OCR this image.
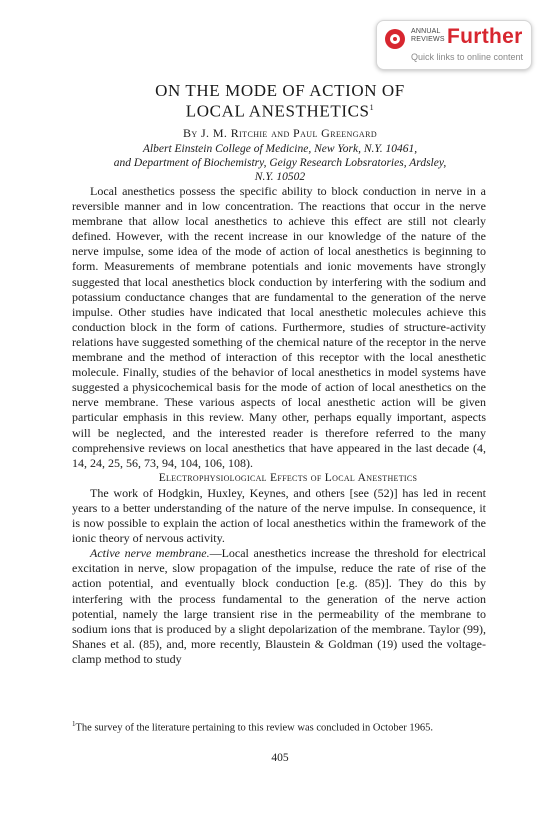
ANNUAL
REVIEWS Further
Quick links to online content
ON THE MODE OF ACTION OF
LOCAL ANESTHETICS$^1$
By J. M. Ritchie and Paul Greengard
Albert Einstein College of Medicine, New York, N.Y. 10461,
and Department of Biochemistry, Geigy Research Lobsratories, Ardsley,
N.Y. 10502

Local anesthetics possess the specific ability to block conduction in nerve in a reversible manner and in low concentration. The reactions that occur in the nerve membrane that allow local anesthetics to achieve this effect are still not clearly defined. However, with the recent increase in our knowledge of the nature of the nerve impulse, some idea of the mode of action of local anesthetics is beginning to form. Measurements of membrane potentials and ionic movements have strongly suggested that local anesthetics block conduction by interfering with the sodium and potassium conductance changes that are fundamental to the generation of the nerve impulse. Other studies have indicated that local anesthetic molecules achieve this conduction block in the form of cations. Furthermore, studies of structure-activity relations have suggested something of the chemical nature of the receptor in the nerve membrane and the method of interaction of this receptor with the local anesthetic molecule. Finally, studies of the behavior of local anesthetics in model systems have suggested a physicochemical basis for the mode of action of local anesthetics on the nerve membrane. These various aspects of local anesthetic action will be given particular emphasis in this review. Many other, perhaps equally important, aspects will be neglected, and the interested reader is therefore referred to the many comprehensive reviews on local anesthetics that have appeared in the last decade (4, 14, 24, 25, 56, 73, 94, 104, 106, 108).

Electrophysiological Effects of Local Anesthetics

The work of Hodgkin, Huxley, Keynes, and others [see (52)] has led in recent years to a better understanding of the nature of the nerve impulse. In consequence, it is now possible to explain the action of local anesthetics within the framework of the ionic theory of nervous activity.

Active nerve membrane.—Local anesthetics increase the threshold for electrical excitation in nerve, slow propagation of the impulse, reduce the rate of rise of the action potential, and eventually block conduction [e.g. (85)]. They do this by interfering with the process fundamental to the generation of the nerve action potential, namely the large transient rise in the permeability of the membrane to sodium ions that is produced by a slight depolarization of the membrane. Taylor (99), Shanes et al. (85), and, more recently, Blaustein & Goldman (19) used the voltage-clamp method to study

$^1$The survey of the literature pertaining to this review was concluded in October 1965.
405
